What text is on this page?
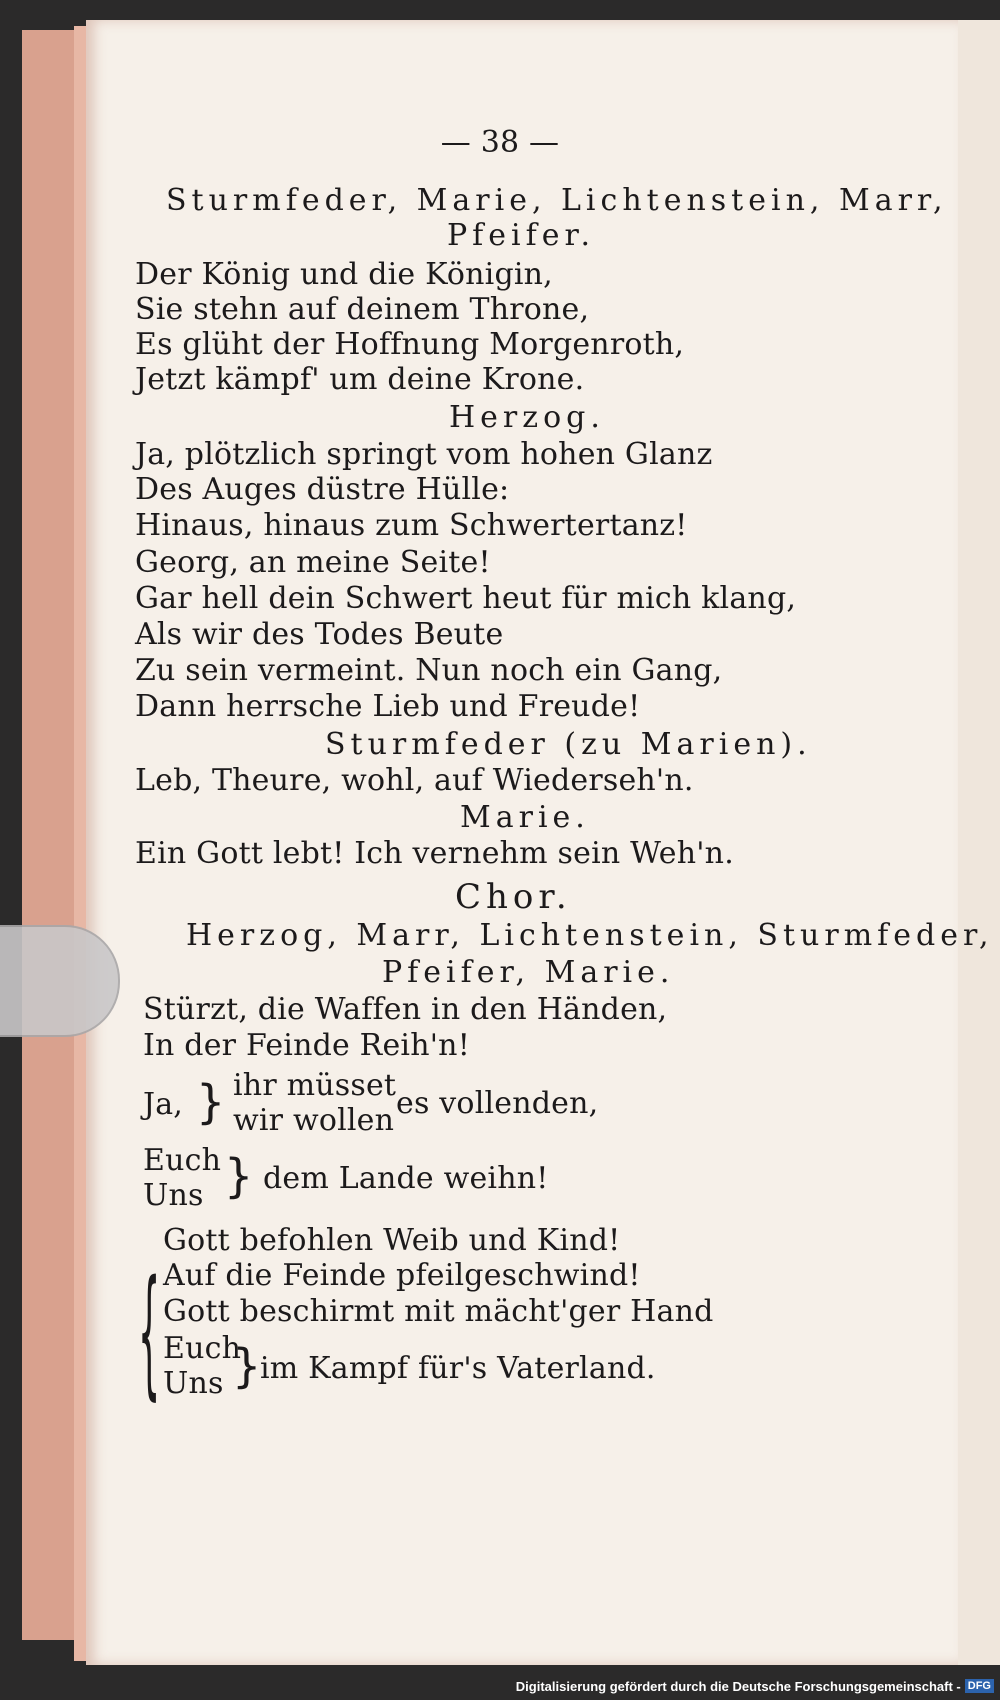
— 38 —
Sturmfeder, Marie, Lichtenstein, Marr,
Pfeifer.
Der König und die Königin,
Sie stehn auf deinem Throne,
Es glüht der Hoffnung Morgenroth,
Jetzt kämpf' um deine Krone.
Herzog.
Ja, plötzlich springt vom hohen Glanz
Des Auges düstre Hülle:
Hinaus, hinaus zum Schwertertanz!
Georg, an meine Seite!
Gar hell dein Schwert heut für mich klang,
Als wir des Todes Beute
Zu sein vermeint. Nun noch ein Gang,
Dann herrsche Lieb und Freude!
Sturmfeder (zu Marien).
Leb, Theure, wohl, auf Wiederseh'n.
Marie.
Ein Gott lebt! Ich vernehm sein Weh'n.
Chor.
Herzog, Marr, Lichtenstein, Sturmfeder,
Pfeifer, Marie.
Stürzt, die Waffen in den Händen,
In der Feinde Reih'n!
Ja, } ihr müsset
wir wollen es vollenden,
Euch
Uns } dem Lande weihn!
{
Gott befohlen Weib und Kind!
Auf die Feinde pfeilgeschwind!
Gott beschirmt mit mächt'ger Hand
Euch
Uns }
im Kampf für's Vaterland.
Digitalisierung gefördert durch die Deutsche Forschungsgemeinschaft - DFG
